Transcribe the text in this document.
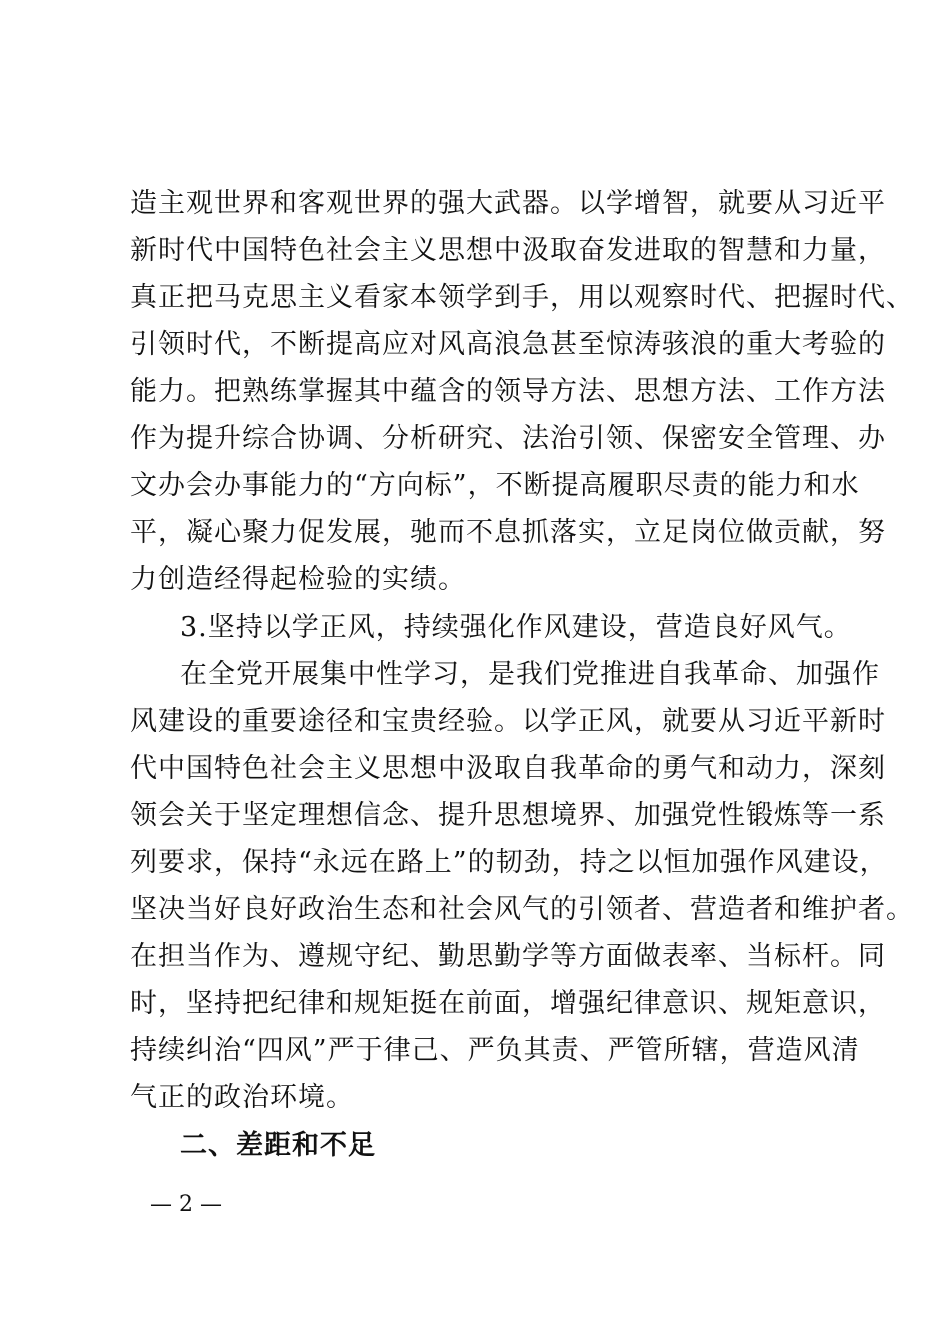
造主观世界和客观世界的强大武器。以学增智，就要从习近平
新时代中国特色社会主义思想中汲取奋发进取的智慧和力量，
真正把马克思主义看家本领学到手，用以观察时代、把握时代、
引领时代，不断提高应对风高浪急甚至惊涛骇浪的重大考验的
能力。把熟练掌握其中蕴含的领导方法、思想方法、工作方法
作为提升综合协调、分析研究、法治引领、保密安全管理、办
文办会办事能力的“方向标”，不断提高履职尽责的能力和水
平，凝心聚力促发展，驰而不息抓落实，立足岗位做贡献，努
力创造经得起检验的实绩。
3.坚持以学正风，持续强化作风建设，营造良好风气。
在全党开展集中性学习，是我们党推进自我革命、加强作
风建设的重要途径和宝贵经验。以学正风，就要从习近平新时
代中国特色社会主义思想中汲取自我革命的勇气和动力，深刻
领会关于坚定理想信念、提升思想境界、加强党性锻炼等一系
列要求，保持“永远在路上”的韧劲，持之以恒加强作风建设，
坚决当好良好政治生态和社会风气的引领者、营造者和维护者。
在担当作为、遵规守纪、勤思勤学等方面做表率、当标杆。同
时，坚持把纪律和规矩挺在前面，增强纪律意识、规矩意识，
持续纠治“四风”严于律己、严负其责、严管所辖，营造风清
气正的政治环境。
二、差距和不足
— 2 —
